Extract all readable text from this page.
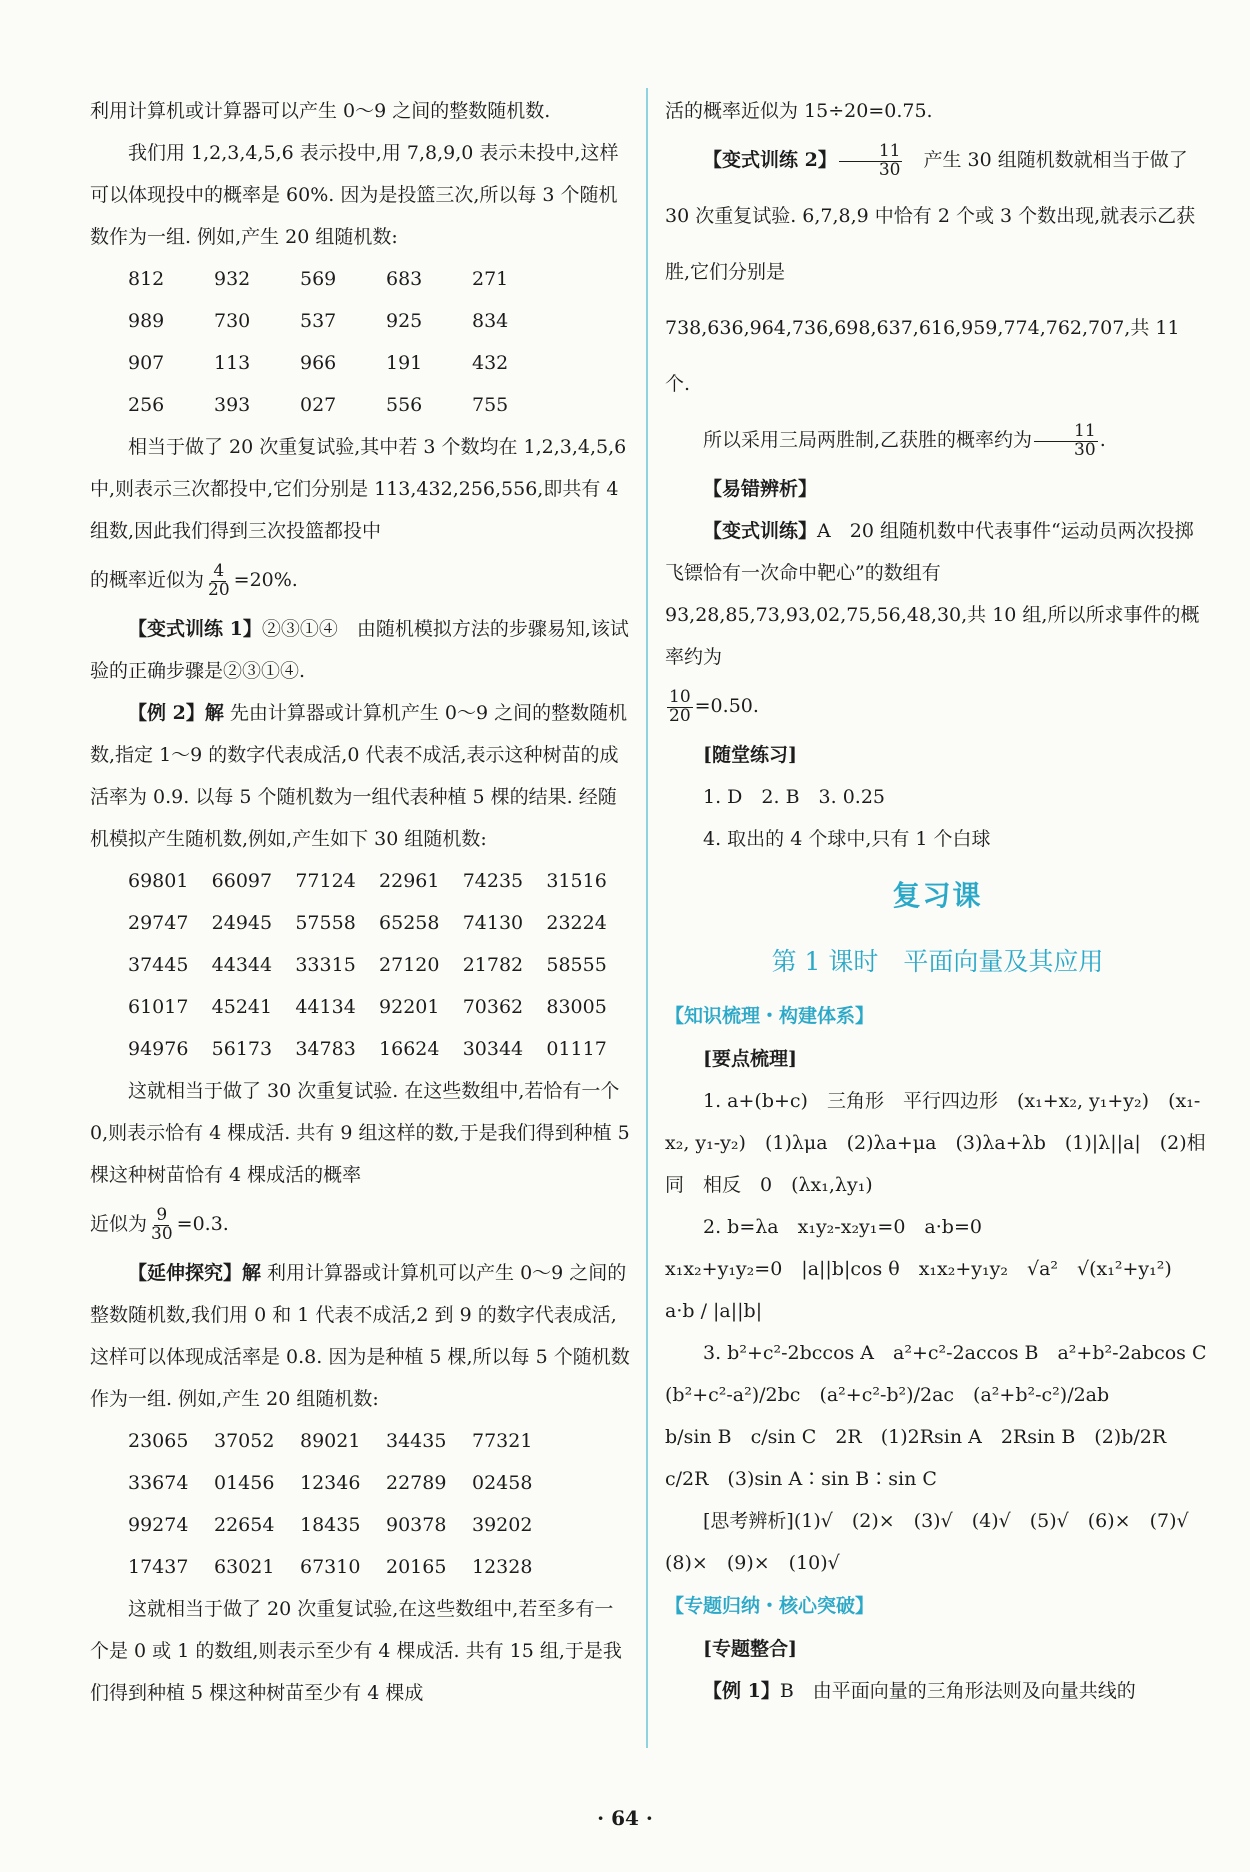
利用计算机或计算器可以产生 0～9 之间的整数随机数.

我们用 1,2,3,4,5,6 表示投中,用 7,8,9,0 表示未投中,这样可以体现投中的概率是 60%. 因为是投篮三次,所以每 3 个随机数作为一组. 例如,产生 20 组随机数:

812	932	569	683	271
989	730	537	925	834
907	113	966	191	432
256	393	027	556	755

相当于做了 20 次重复试验,其中若 3 个数均在 1,2,3,4,5,6 中,则表示三次都投中,它们分别是 113,432,256,556,即共有 4 组数,因此我们得到三次投篮都投中

的概率近似为 $\frac{4}{20} =20\%$.

【变式训练 1】②③①④　由随机模拟方法的步骤易知,该试验的正确步骤是②③①④.

【例 2】解 先由计算器或计算机产生 0～9 之间的整数随机数,指定 1～9 的数字代表成活,0 代表不成活,表示这种树苗的成活率为 0.9. 以每 5 个随机数为一组代表种植 5 棵的结果. 经随机模拟产生随机数,例如,产生如下 30 组随机数:

69801	66097	77124	22961	74235	31516
29747	24945	57558	65258	74130	23224
37445	44344	33315	27120	21782	58555
61017	45241	44134	92201	70362	83005
94976	56173	34783	16624	30344	01117

这就相当于做了 30 次重复试验. 在这些数组中,若恰有一个 0,则表示恰有 4 棵成活. 共有 9 组这样的数,于是我们得到种植 5 棵这种树苗恰有 4 棵成活的概率

近似为 $\frac{9}{30} =0.3$.

【延伸探究】解 利用计算器或计算机可以产生 0～9 之间的整数随机数,我们用 0 和 1 代表不成活,2 到 9 的数字代表成活,这样可以体现成活率是 0.8. 因为是种植 5 棵,所以每 5 个随机数作为一组. 例如,产生 20 组随机数:

23065	37052	89021	34435	77321
33674	01456	12346	22789	02458
99274	22654	18435	90378	39202
17437	63021	67310	20165	12328

这就相当于做了 20 次重复试验,在这些数组中,若至多有一个是 0 或 1 的数组,则表示至少有 4 棵成活. 共有 15 组,于是我们得到种植 5 棵这种树苗至少有 4 棵成

活的概率近似为 15÷20=0.75.

【变式训练 2】 $\frac{11}{30}$ 　产生 30 组随机数就相当于做了 30 次重复试验. 6,7,8,9 中恰有 2 个或 3 个数出现,就表示乙获胜,它们分别是 738,636,964,736,698,637,616,959,774,762,707,共 11 个.

所以采用三局两胜制,乙获胜的概率约为 $\frac{11}{30}$ .

【易错辨析】

【变式训练】A　20 组随机数中代表事件“运动员两次投掷飞镖恰有一次命中靶心”的数组有 93,28,85,73,93,02,75,56,48,30,共 10 组,所以所求事件的概率约为

$\frac{10}{20} =0.50$.

[随堂练习]

1. D　2. B　3. 0.25

4. 取出的 4 个球中,只有 1 个白球

复习课
第 1 课时　平面向量及其应用

【知识梳理・构建体系】

[要点梳理]

1. a+(b+c)　三角形　平行四边形　(x₁+x₂, y₁+y₂)　(x₁-x₂, y₁-y₂)　(1)λμa　(2)λa+μa　(3)λa+λb　(1)|λ||a|　(2)相同　相反　0　(λx₁,λy₁)

2. b=λa　x₁y₂-x₂y₁=0　a·b=0　x₁x₂+y₁y₂=0　|a||b|cos θ　x₁x₂+y₁y₂　√a²　√(x₁²+y₁²)　a·b / |a||b|

3. b²+c²-2bccos A　a²+c²-2accos B　a²+b²-2abcos C　(b²+c²-a²)/2bc　(a²+c²-b²)/2ac　(a²+b²-c²)/2ab

b/sin B　c/sin C　2R　(1)2Rsin A　2Rsin B　(2)b/2R　c/2R　(3)sin A∶sin B∶sin C

[思考辨析](1)√　(2)×　(3)√　(4)√　(5)√　(6)×　(7)√　(8)×　(9)×　(10)√

【专题归纳・核心突破】

[专题整合]

【例 1】B　由平面向量的三角形法则及向量共线的

· 64 ·
